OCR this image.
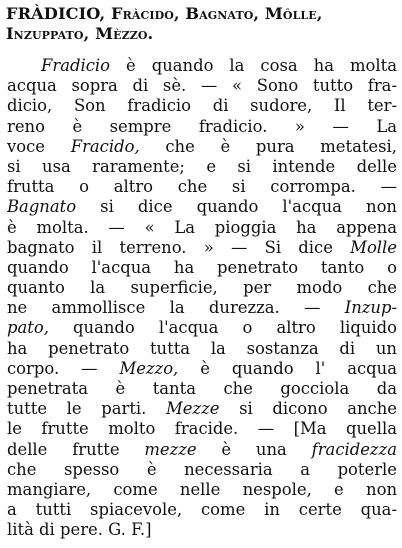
FRÀDICIO, Fràcido, Bagnato, Môlle,
Inzuppato, Mèzzo.
Fradicio è quando la cosa ha molta
acqua sopra di sè. — « Sono tutto fra-
dicio, Son fradicio di sudore, Il ter-
reno è sempre fradicio. » — La
voce Fracido, che è pura metatesi,
si usa raramente; e si intende delle
frutta o altro che si corrompa. —
Bagnato si dice quando l'acqua non
è molta. — « La pioggia ha appena
bagnato il terreno. » — Si dice Molle
quando l'acqua ha penetrato tanto o
quanto la superficie, per modo che
ne ammollisce la durezza. — Inzup-
pato, quando l'acqua o altro liquido
ha penetrato tutta la sostanza di un
corpo. — Mezzo, è quando l' acqua
penetrata è tanta che gocciola da
tutte le parti. Mezze si dicono anche
le frutte molto fracide. — [Ma quella
delle frutte mezze è una fracidezza
che spesso è necessaria a poterle
mangiare, come nelle nespole, e non
a tutti spiacevole, come in certe qua-
lità di pere. G. F.]
